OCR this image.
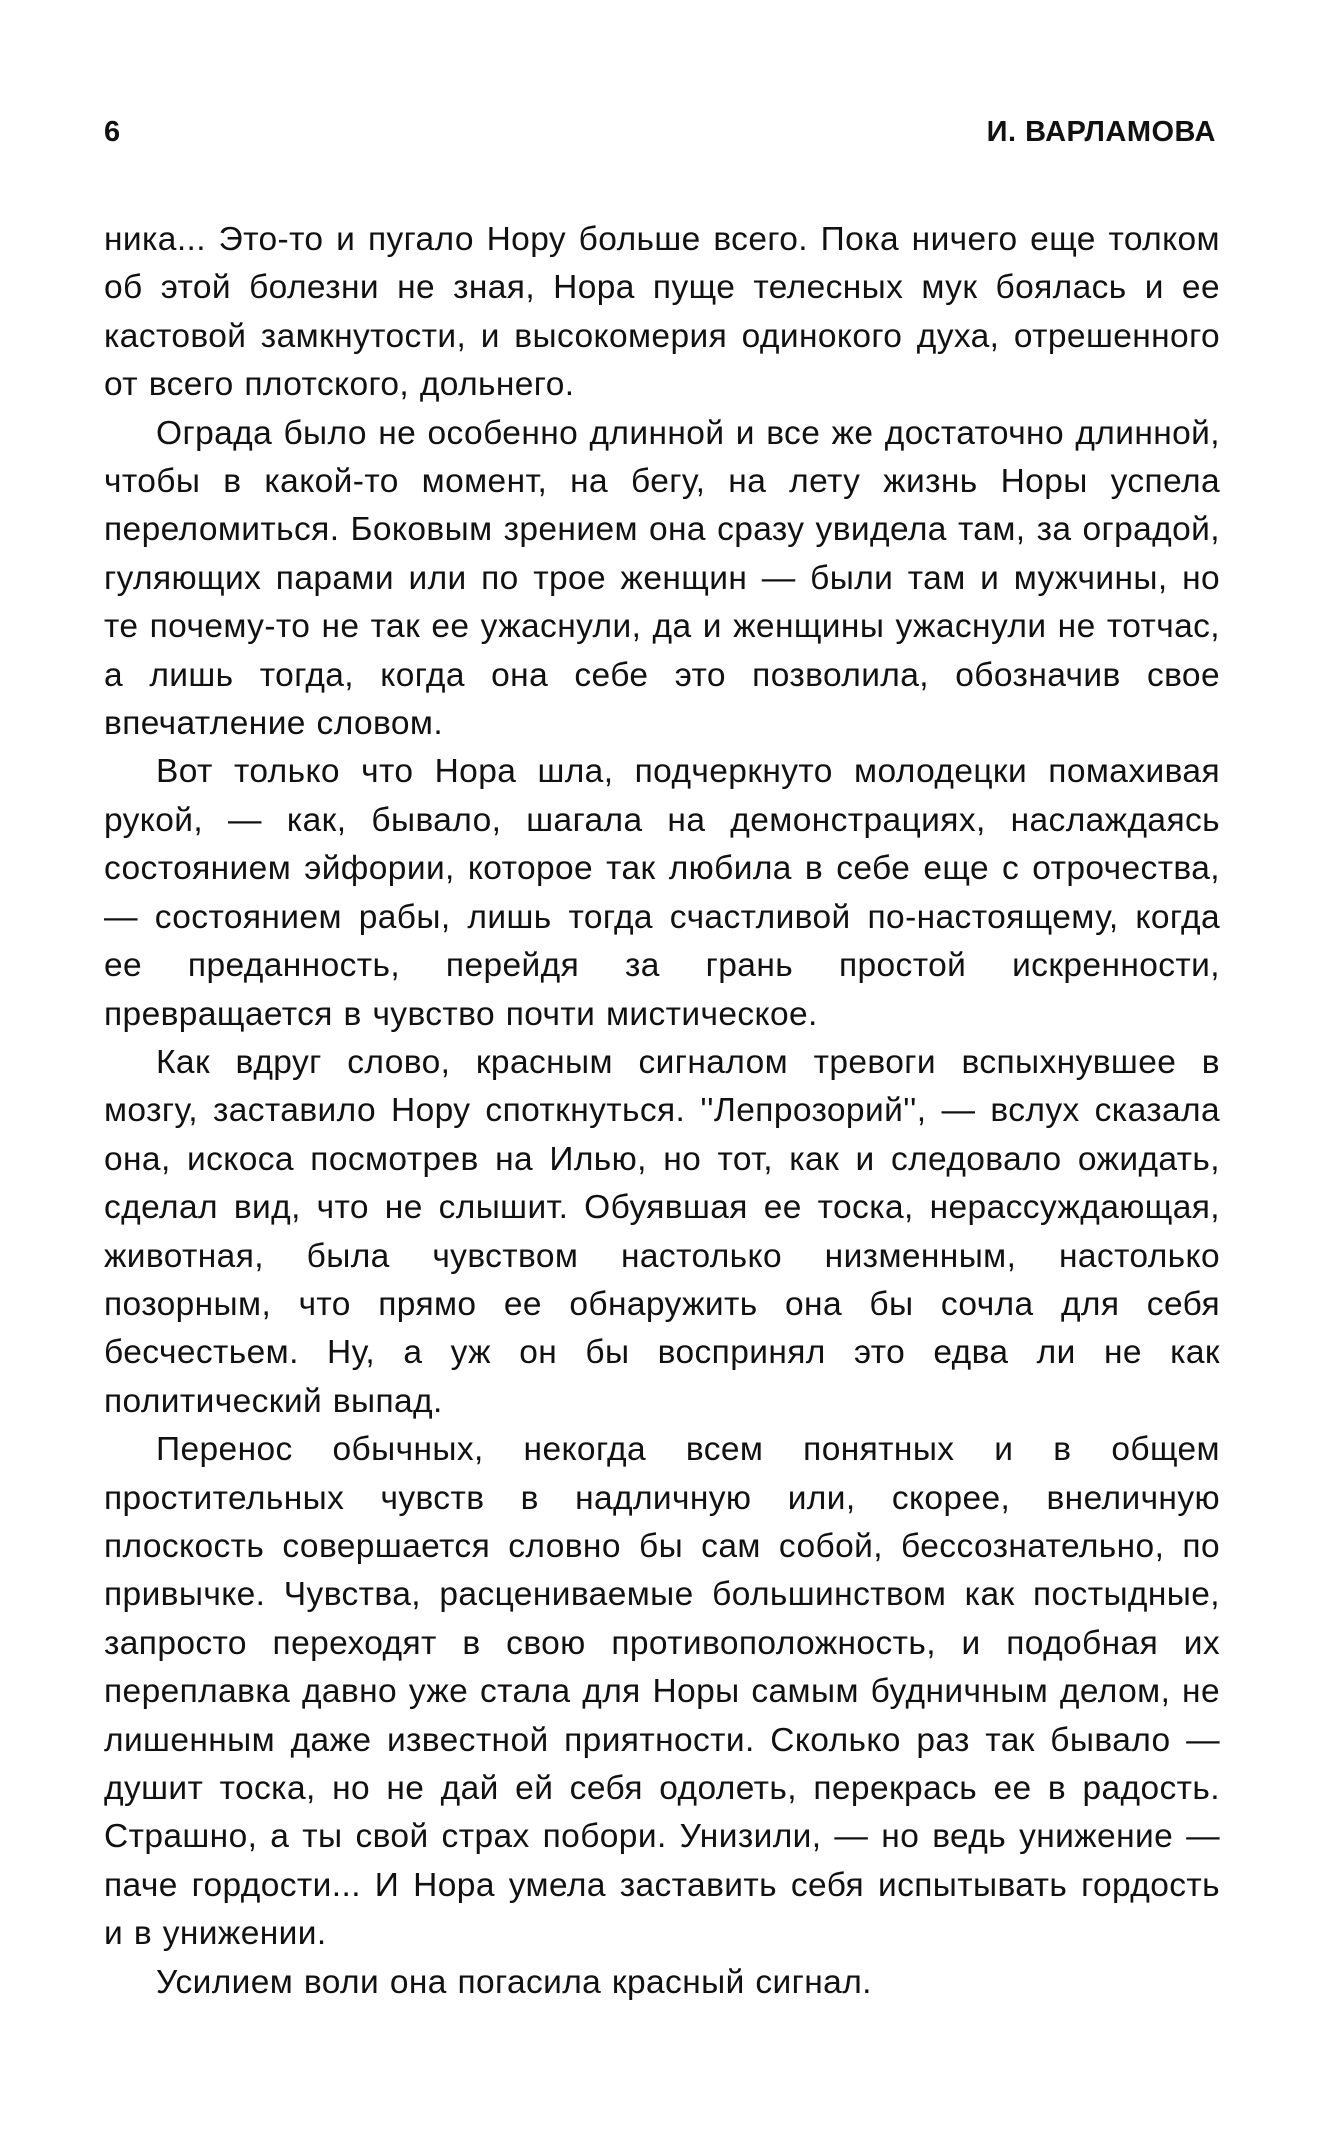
6	И. ВАРЛАМОВА

ника... Это-то и пугало Нору больше всего. Пока ничего еще толком об этой болезни не зная, Нора пуще телесных мук боялась и ее кастовой замкнутости, и высокомерия одинокого духа, отрешенного от всего плотского, дольнего.

Ограда было не особенно длинной и все же достаточно длинной, чтобы в какой-то момент, на бегу, на лету жизнь Норы успела переломиться. Боковым зрением она сразу увидела там, за оградой, гуляющих парами или по трое женщин — были там и мужчины, но те почему-то не так ее ужаснули, да и женщины ужаснули не тотчас, а лишь тогда, когда она себе это позволила, обозначив свое впечатление словом.

Вот только что Нора шла, подчеркнуто молодецки помахивая рукой, — как, бывало, шагала на демонстрациях, наслаждаясь состоянием эйфории, которое так любила в себе еще с отрочества, — состоянием рабы, лишь тогда счастливой по-настоящему, когда ее преданность, перейдя за грань простой искренности, превращается в чувство почти мистическое.

Как вдруг слово, красным сигналом тревоги вспыхнувшее в мозгу, заставило Нору споткнуться. ''Лепрозорий'', — вслух сказала она, искоса посмотрев на Илью, но тот, как и следовало ожидать, сделал вид, что не слышит. Обуявшая ее тоска, нерассуждающая, животная, была чувством настолько низменным, настолько позорным, что прямо ее обнаружить она бы сочла для себя бесчестьем. Ну, а уж он бы воспринял это едва ли не как политический выпад.

Перенос обычных, некогда всем понятных и в общем простительных чувств в надличную или, скорее, внеличную плоскость совершается словно бы сам собой, бессознательно, по привычке. Чувства, расцениваемые большинством как постыдные, запросто переходят в свою противоположность, и подобная их переплавка давно уже стала для Норы самым будничным делом, не лишенным даже известной приятности. Сколько раз так бывало — душит тоска, но не дай ей себя одолеть, перекрась ее в радость. Страшно, а ты свой страх побори. Унизили, — но ведь унижение — паче гордости... И Нора умела заставить себя испытывать гордость и в унижении.

Усилием воли она погасила красный сигнал.
